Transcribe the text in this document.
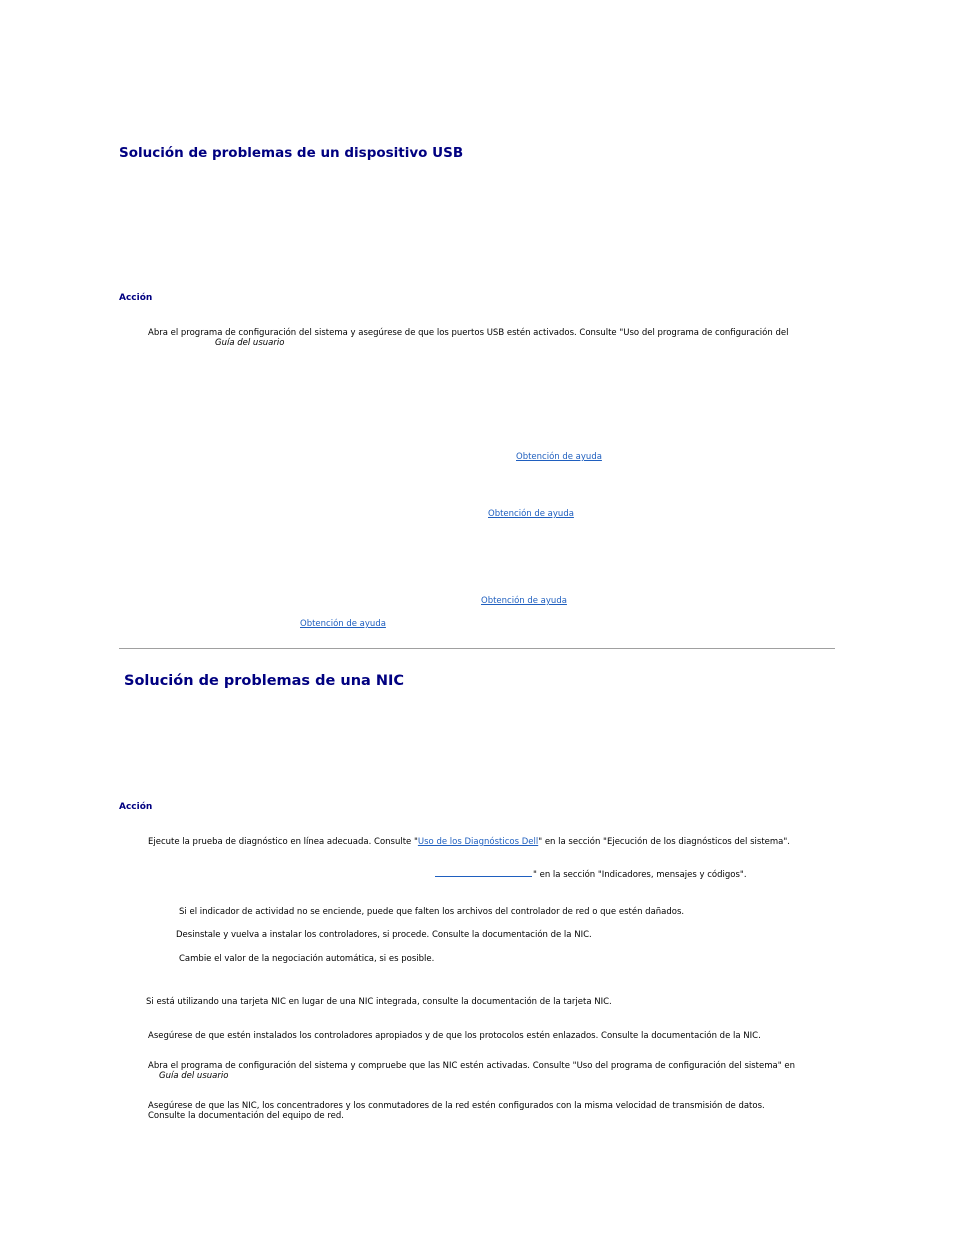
Solución de problemas de un dispositivo USB
Acción
Abra el programa de configuración del sistema y asegúrese de que los puertos USB estén activados. Consulte "Uso del programa de configuración del
Guía del usuario
Obtención de ayuda
Obtención de ayuda
Obtención de ayuda
Obtención de ayuda
Solución de problemas de una NIC
Acción
Ejecute la prueba de diagnóstico en línea adecuada. Consulte "Uso de los Diagnósticos Dell" en la sección "Ejecución de los diagnósticos del sistema".
" en la sección "Indicadores, mensajes y códigos".
Si el indicador de actividad no se enciende, puede que falten los archivos del controlador de red o que estén dañados.
Desinstale y vuelva a instalar los controladores, si procede. Consulte la documentación de la NIC.
Cambie el valor de la negociación automática, si es posible.
Si está utilizando una tarjeta NIC en lugar de una NIC integrada, consulte la documentación de la tarjeta NIC.
Asegúrese de que estén instalados los controladores apropiados y de que los protocolos estén enlazados. Consulte la documentación de la NIC.
Abra el programa de configuración del sistema y compruebe que las NIC estén activadas. Consulte "Uso del programa de configuración del sistema" en
Guía del usuario
Asegúrese de que las NIC, los concentradores y los conmutadores de la red estén configurados con la misma velocidad de transmisión de datos.
Consulte la documentación del equipo de red.
